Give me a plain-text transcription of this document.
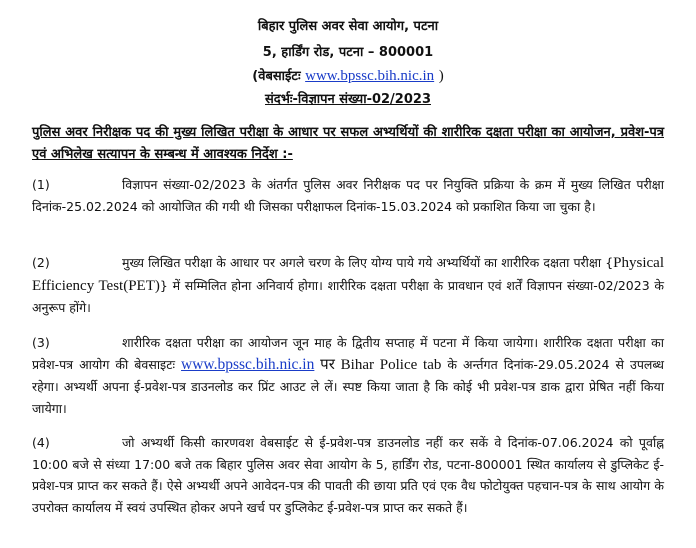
बिहार पुलिस अवर सेवा आयोग, पटना
5, हार्डिंग रोड, पटना – 800001
(वेबसाईटः www.bpssc.bih.nic.in )
संदर्भः-विज्ञापन संख्या-02/2023
पुलिस अवर निरीक्षक पद की मुख्य लिखित परीक्षा के आधार पर सफल अभ्यर्थियों की शारीरिक दक्षता परीक्षा का आयोजन, प्रवेश-पत्र एवं अभिलेख सत्यापन के सम्बन्ध में आवश्यक निर्देश :-
(1)	विज्ञापन संख्या-02/2023 के अंतर्गत पुलिस अवर निरीक्षक पद पर नियुक्ति प्रक्रिया के क्रम में मुख्य लिखित परीक्षा दिनांक-25.02.2024 को आयोजित की गयी थी जिसका परीक्षाफल दिनांक-15.03.2024 को प्रकाशित किया जा चुका है।
(2)	मुख्य लिखित परीक्षा के आधार पर अगले चरण के लिए योग्य पाये गये अभ्यर्थियों का शारीरिक दक्षता परीक्षा {Physical Efficiency Test(PET)} में सम्मिलित होना अनिवार्य होगा। शारीरिक दक्षता परीक्षा के प्रावधान एवं शर्तें विज्ञापन संख्या-02/2023 के अनुरूप होंगे।
(3)	शारीरिक दक्षता परीक्षा का आयोजन जून माह के द्वितीय सप्ताह में पटना में किया जायेगा। शारीरिक दक्षता परीक्षा का प्रवेश-पत्र आयोग की बेवसाइटः www.bpssc.bih.nic.in पर Bihar Police tab के अर्न्तगत दिनांक-29.05.2024 से उपलब्ध रहेगा। अभ्यर्थी अपना ई-प्रवेश-पत्र डाउनलोड कर प्रिंट आउट ले लें। स्पष्ट किया जाता है कि कोई भी प्रवेश-पत्र डाक द्वारा प्रेषित नहीं किया जायेगा।
(4)	जो अभ्यर्थी किसी कारणवश वेबसाईट से ई-प्रवेश-पत्र डाउनलोड नहीं कर सकें वे दिनांक-07.06.2024 को पूर्वाह्न 10:00 बजे से संध्या 17:00 बजे तक बिहार पुलिस अवर सेवा आयोग के 5, हार्डिंग रोड, पटना-800001 स्थित कार्यालय से डुप्लिकेट ई-प्रवेश-पत्र प्राप्त कर सकते हैं। ऐसे अभ्यर्थी अपने आवेदन-पत्र की पावती की छाया प्रति एवं एक वैध फोटोयुक्त पहचान-पत्र के साथ आयोग के उपरोक्त कार्यालय में स्वयं उपस्थित होकर अपने खर्च पर डुप्लिकेट ई-प्रवेश-पत्र प्राप्त कर सकते हैं।
